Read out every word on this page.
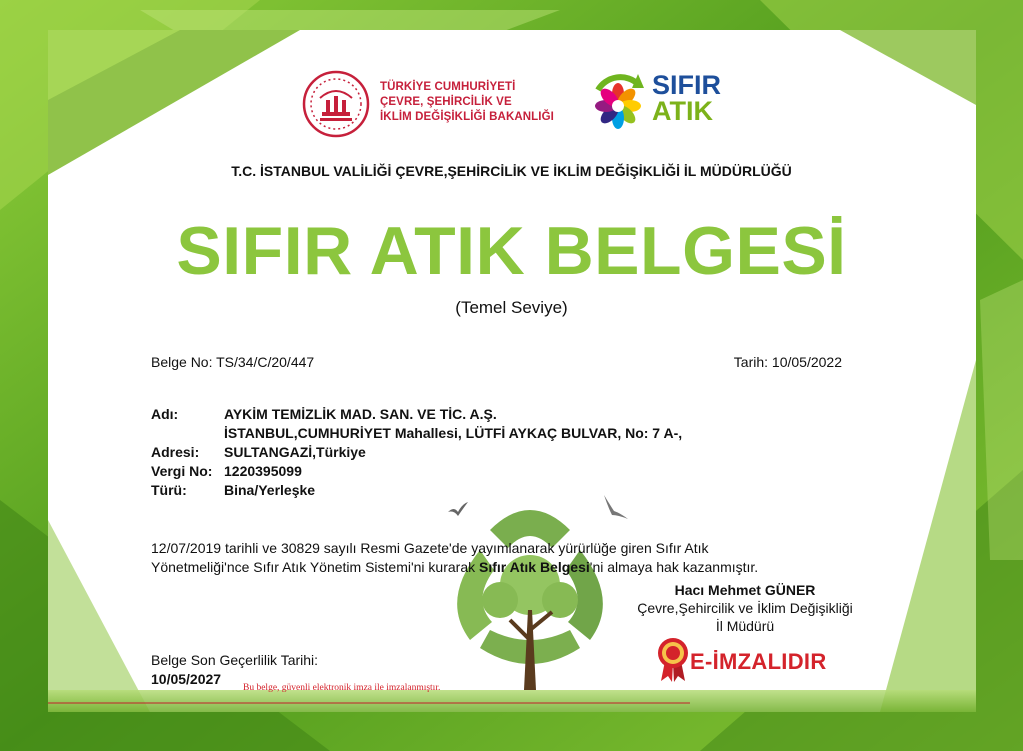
TÜRKİYE CUMHURİYETİ
ÇEVRE, ŞEHİRCİLİK VE
İKLİM DEĞİŞİKLİĞİ BAKANLIĞI
SIFIR
ATIK
T.C. İSTANBUL VALİLİĞİ ÇEVRE,ŞEHİRCİLİK VE İKLİM DEĞİŞİKLİĞİ İL MÜDÜRLÜĞÜ
SIFIR ATIK BELGESİ
(Temel Seviye)
Belge No: TS/34/C/20/447	Tarih: 10/05/2022
Adı:	AYKİM TEMİZLİK MAD. SAN. VE TİC. A.Ş.
İSTANBUL,CUMHURİYET Mahallesi, LÜTFİ AYKAÇ BULVAR, No: 7 A-,
Adresi:	SULTANGAZİ,Türkiye
Vergi No: 1220395099
Türü:	Bina/Yerleşke
12/07/2019 tarihli ve 30829 sayılı Resmi Gazete'de yayımlanarak yürürlüğe giren Sıfır Atık
Yönetmeliği'nce Sıfır Atık Yönetim Sistemi'ni kurarak Sıfır Atık Belgesi'ni almaya hak kazanmıştır.
Hacı Mehmet GÜNER
Çevre,Şehircilik ve İklim Değişikliği
İl Müdürü
E-İMZALIDIR
Belge Son Geçerlilik Tarihi:
10/05/2027
Bu belge, güvenli elektronik imza ile imzalanmıştır.
